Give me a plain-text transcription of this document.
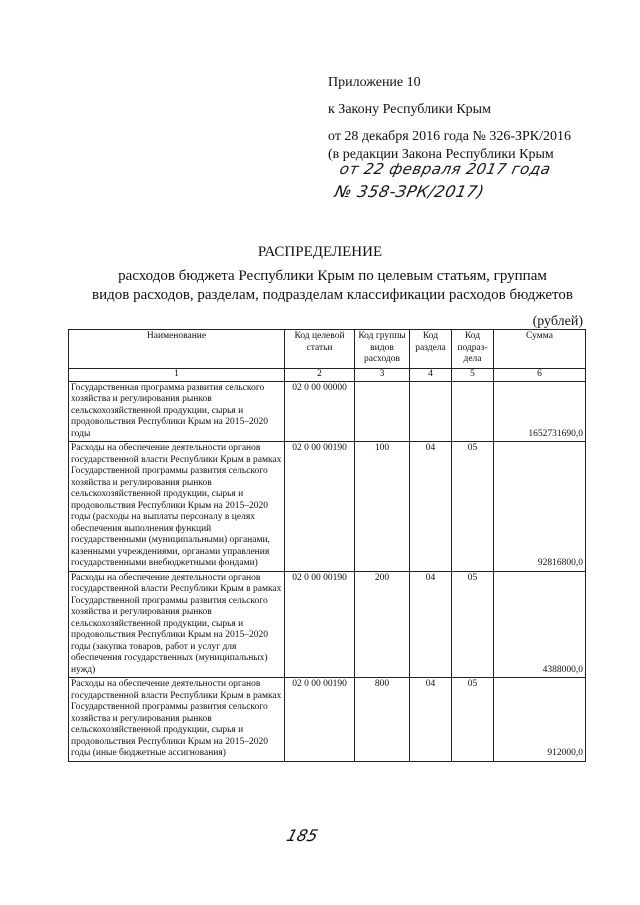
Приложение 10
к Закону Республики Крым
от 28 декабря 2016 года № 326-ЗРК/2016
(в редакции Закона Республики Крым
от 22 февраля 2017 года
№ 358-ЗРК/2017)
РАСПРЕДЕЛЕНИЕ
расходов бюджета Республики Крым по целевым статьям, группам
видов расходов, разделам, подразделам классификации расходов бюджетов
(рублей)
Наименование	Код целевой статьи	Код группы видов расходов	Код раздела	Код подраз-дела	Сумма
1	2	3	4	5	6
Государственная программа развития сельского хозяйства и регулирования рынков сельскохозяйственной продукции, сырья и продовольствия Республики Крым на 2015–2020 годы	02 0 00 00000				1652731690,0
Расходы на обеспечение деятельности органов государственной власти Республики Крым в рамках Государственной программы развития сельского хозяйства и регулирования рынков сельскохозяйственной продукции, сырья и продовольствия Республики Крым на 2015–2020 годы (расходы на выплаты персоналу в целях обеспечения выполнения функций государственными (муниципальными) органами, казенными учреждениями, органами управления государственными внебюджетными фондами)	02 0 00 00190	100	04	05	92816800,0
Расходы на обеспечение деятельности органов государственной власти Республики Крым в рамках Государственной программы развития сельского хозяйства и регулирования рынков сельскохозяйственной продукции, сырья и продовольствия Республики Крым на 2015–2020 годы (закупка товаров, работ и услуг для обеспечения государственных (муниципальных) нужд)	02 0 00 00190	200	04	05	4388000,0
Расходы на обеспечение деятельности органов государственной власти Республики Крым в рамках Государственной программы развития сельского хозяйства и регулирования рынков сельскохозяйственной продукции, сырья и продовольствия Республики Крым на 2015–2020 годы (иные бюджетные ассигнования)	02 0 00 00190	800	04	05	912000,0
185
